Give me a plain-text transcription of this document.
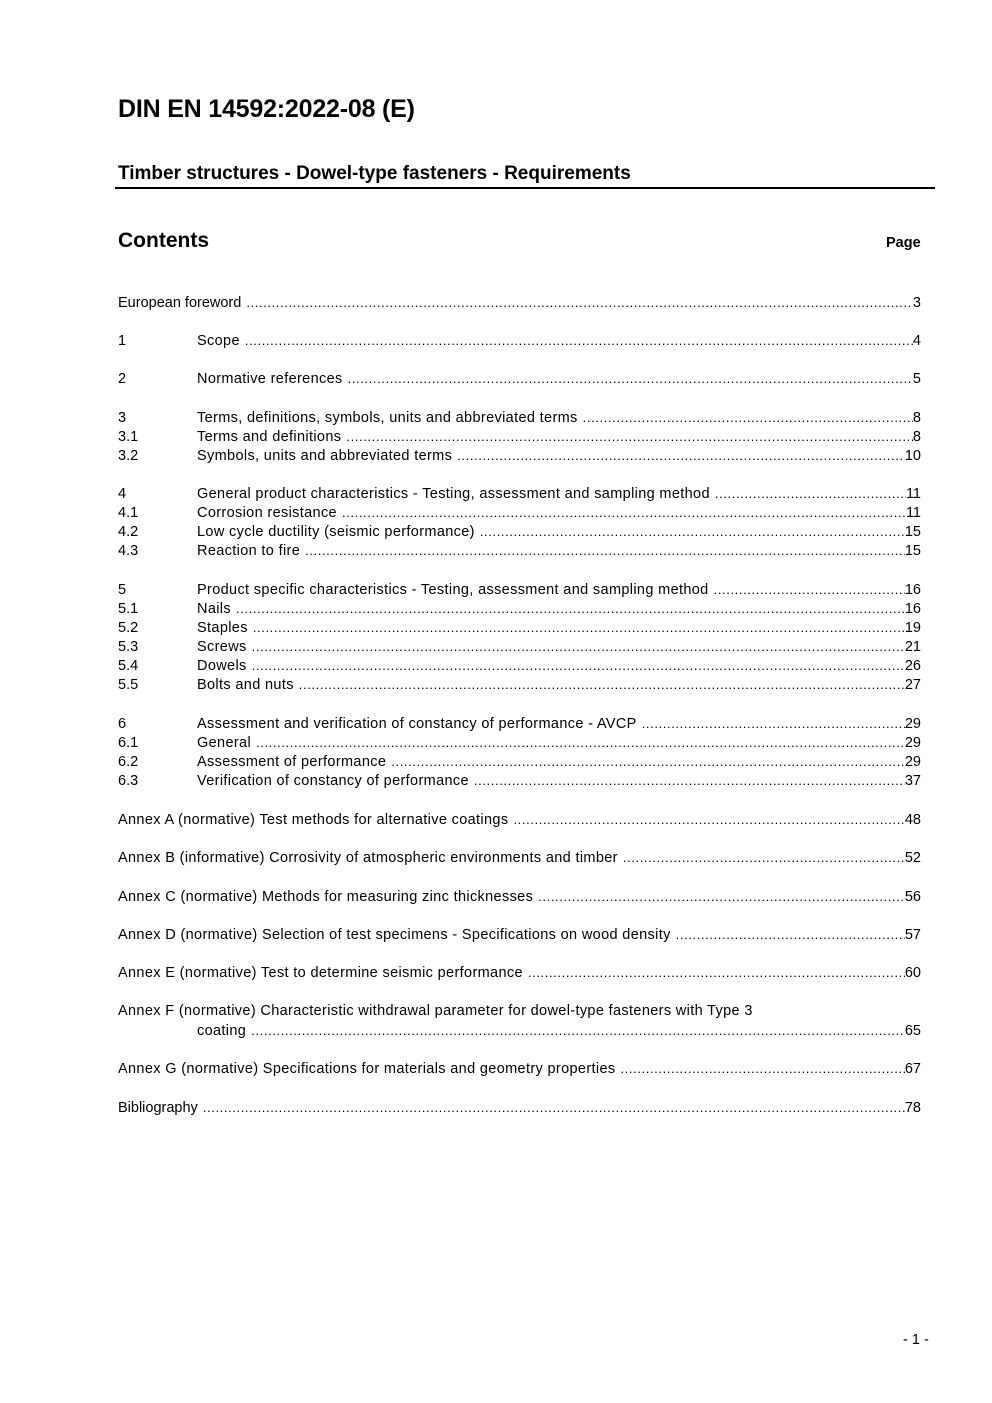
DIN EN 14592:2022-08 (E)
Timber structures - Dowel-type fasteners - Requirements
Contents	Page
European foreword .....	3
1	Scope .....	4
2	Normative references .....	5
3	Terms, definitions, symbols, units and abbreviated terms .....	8
3.1	Terms and definitions .....	8
3.2	Symbols, units and abbreviated terms .....	10
4	General product characteristics - Testing, assessment and sampling method .....	11
4.1	Corrosion resistance .....	11
4.2	Low cycle ductility (seismic performance) .....	15
4.3	Reaction to fire .....	15
5	Product specific characteristics - Testing, assessment and sampling method .....	16
5.1	Nails .....	16
5.2	Staples .....	19
5.3	Screws .....	21
5.4	Dowels .....	26
5.5	Bolts and nuts .....	27
6	Assessment and verification of constancy of performance - AVCP .....	29
6.1	General .....	29
6.2	Assessment of performance .....	29
6.3	Verification of constancy of performance .....	37
Annex A (normative) Test methods for alternative coatings .....	48
Annex B (informative) Corrosivity of atmospheric environments and timber .....	52
Annex C (normative) Methods for measuring zinc thicknesses .....	56
Annex D (normative) Selection of test specimens - Specifications on wood density .....	57
Annex E (normative) Test to determine seismic performance .....	60
Annex F (normative) Characteristic withdrawal parameter for dowel-type fasteners with Type 3
coating .....	65
Annex G (normative) Specifications for materials and geometry properties .....	67
Bibliography .....	78
- 1 -
